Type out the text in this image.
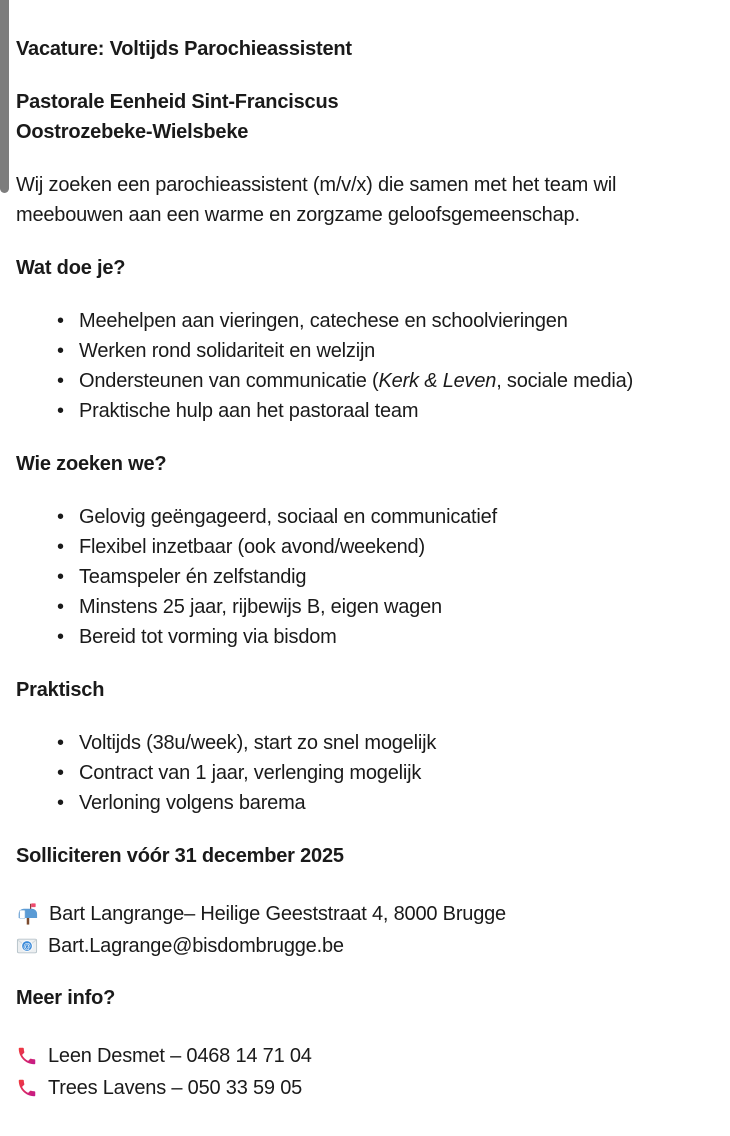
Vacature: Voltijds Parochieassistent
Pastorale Eenheid Sint-Franciscus
Oostrozebeke-Wielsbeke

Wij zoeken een parochieassistent (m/v/x) die samen met het team wil meebouwen aan een warme en zorgzame geloofsgemeenschap.

Wat doe je?
• Meehelpen aan vieringen, catechese en schoolvieringen
• Werken rond solidariteit en welzijn
• Ondersteunen van communicatie (Kerk & Leven, sociale media)
• Praktische hulp aan het pastoraal team
Wie zoeken we?
• Gelovig geëngageerd, sociaal en communicatief
• Flexibel inzetbaar (ook avond/weekend)
• Teamspeler én zelfstandig
• Minstens 25 jaar, rijbewijs B, eigen wagen
• Bereid tot vorming via bisdom
Praktisch
• Voltijds (38u/week), start zo snel mogelijk
• Contract van 1 jaar, verlenging mogelijk
• Verloning volgens barema
Solliciteren vóór 31 december 2025
Bart Langrange– Heilige Geeststraat 4, 8000 Brugge
@ Bart.Lagrange@bisdombrugge.be
Meer info?
Leen Desmet – 0468 14 71 04
Trees Lavens – 050 33 59 05
